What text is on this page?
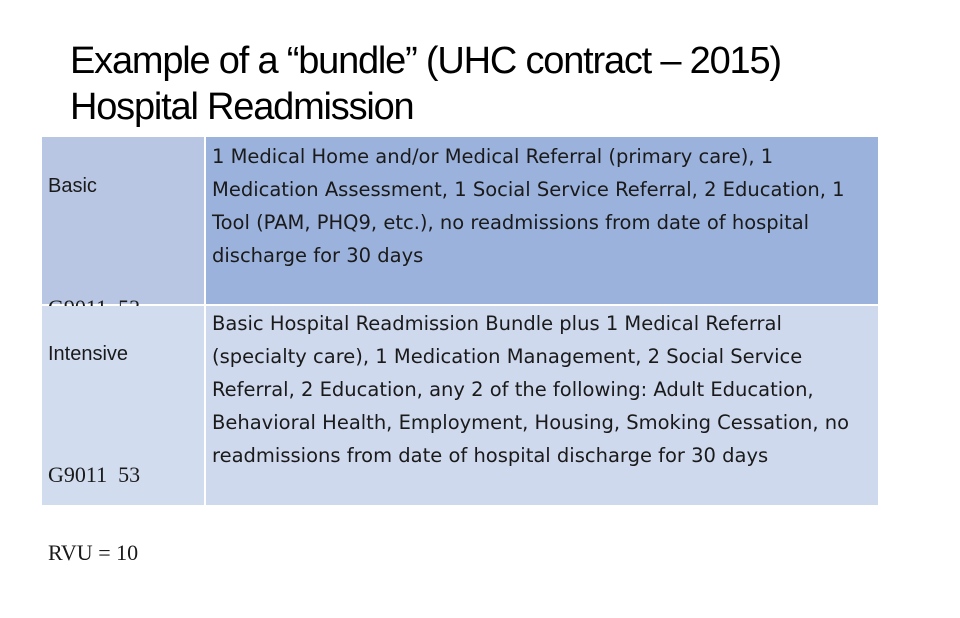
Example of a “bundle” (UHC contract – 2015)
Hospital Readmission
Basic

1 Medical Home and/or Medical Referral (primary care), 1 Medication Assessment, 1 Social Service Referral, 2 Education, 1 Tool (PAM, PHQ9, etc.), no readmissions from date of hospital discharge for 30 days

Intensive

G9011  53

RVU = 10

Basic Hospital Readmission Bundle plus 1 Medical Referral (specialty care), 1 Medication Management, 2 Social Service Referral, 2 Education, any 2 of the following: Adult Education, Behavioral Health, Employment, Housing, Smoking Cessation, no readmissions from date of hospital discharge for 30 days
